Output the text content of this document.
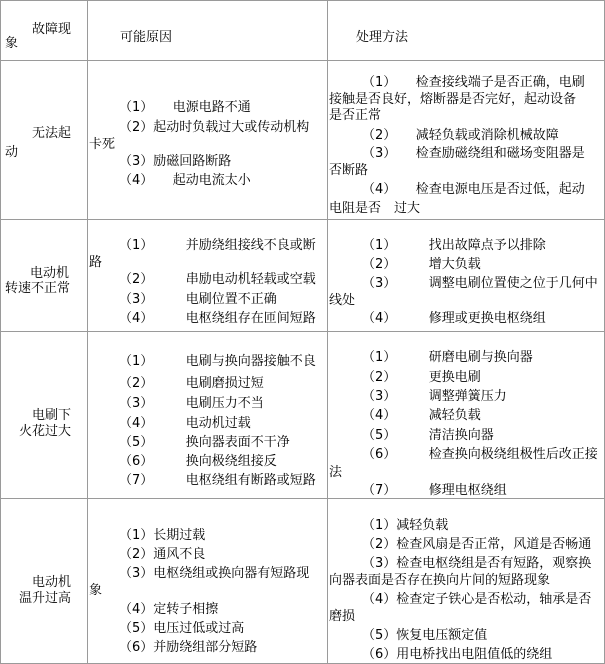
故障现
象	可能原因	处理方法
无法起
动
（1）　　电源电路不通
（2）起动时负载过大或传动机构
卡死
（3）励磁回路断路
（4）　　起动电流太小
（1）　　检查接线端子是否正确，电刷
接触是否良好，熔断器是否完好，起动设备
是否正常
（2）　　减轻负载或消除机械故障
（3）　　检查励磁绕组和磁场变阻器是
否断路
（4）　　检查电源电压是否过低，起动
电阻是否　过大
电动机
转速不正常
（1）　　　并励绕组接线不良或断
路
（2）　　　串励电动机轻载或空载
（3）　　　电刷位置不正确
（4）　　　电枢绕组存在匝间短路
（1）　　　找出故障点予以排除
（2）　　　增大负载
（3）　　　调整电刷位置使之位于几何中
线处
（4）　　　修理或更换电枢绕组
电刷下
火花过大
（1）　　　电刷与换向器接触不良
（2）　　　电刷磨损过短
（3）　　　电刷压力不当
（4）　　　电动机过载
（5）　　　换向器表面不干净
（6）　　　换向极绕组接反
（7）　　　电枢绕组有断路或短路
（1）　　　研磨电刷与换向器
（2）　　　更换电刷
（3）　　　调整弹簧压力
（4）　　　减轻负载
（5）　　　清洁换向器
（6）　　　检查换向极绕组极性后改正接
法
（7）　　　修理电枢绕组
电动机
温升过高
（1）长期过载
（2）通风不良
（3）电枢绕组或换向器有短路现
象
（4）定转子相擦
（5）电压过低或过高
（6）并励绕组部分短路
（1）减轻负载
（2）检查风扇是否正常，风道是否畅通
（3）检查电枢绕组是否有短路，观察换
向器表面是否存在换向片间的短路现象
（4）检查定子铁心是否松动，轴承是否
磨损
（5）恢复电压额定值
（6）用电桥找出电阻值低的绕组
